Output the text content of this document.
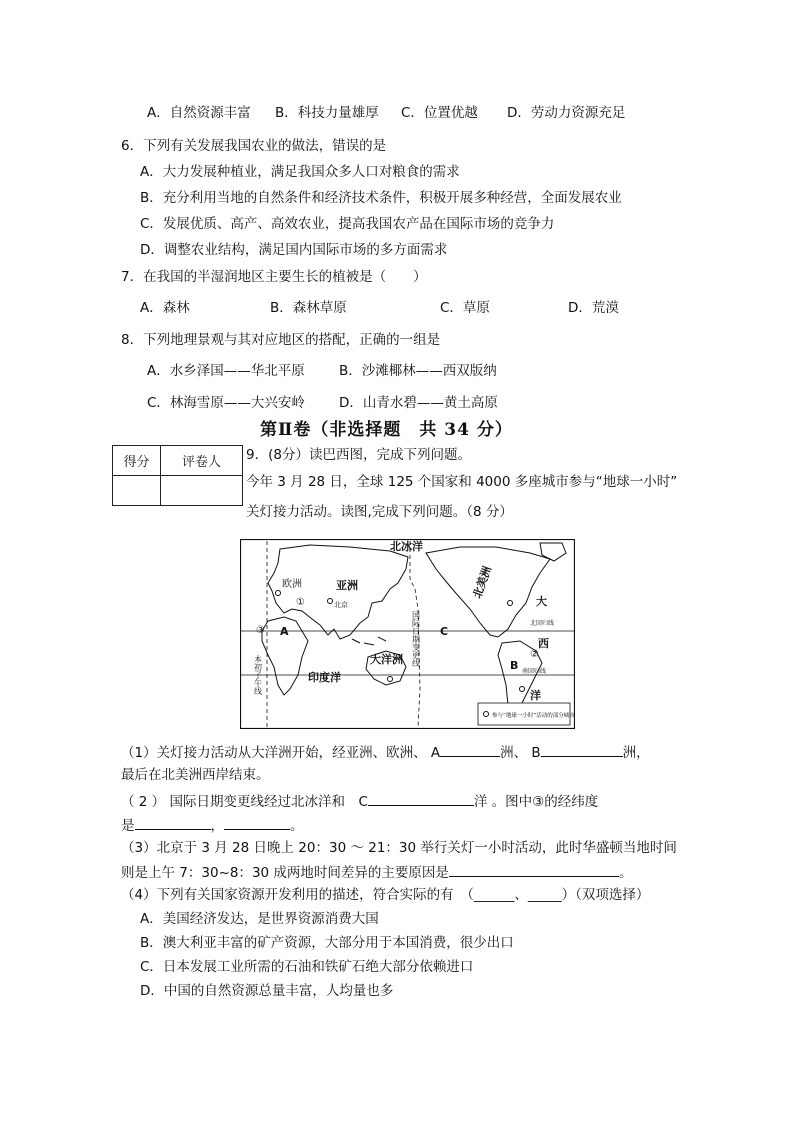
A．自然资源丰富 B．科技力量雄厚 C．位置优越 D．劳动力资源充足
6．下列有关发展我国农业的做法，错误的是
A．大力发展种植业，满足我国众多人口对粮食的需求
B．充分利用当地的自然条件和经济技术条件，积极开展多种经营，全面发展农业
C．发展优质、高产、高效农业，提高我国农产品在国际市场的竞争力
D．调整农业结构，满足国内国际市场的多方面需求
7．在我国的半湿润地区主要生长的植被是（　　）
A．森林	B．森林草原	C．草原	D．荒漠
8．下列地理景观与其对应地区的搭配，正确的一组是
A．水乡泽国——华北平原	B．沙滩椰林——西双版纳
C．林海雪原——大兴安岭	D．山青水碧——黄土高原
第Ⅱ卷（非选择题　共 34 分）
得分	评卷人
	9．(8分）读巴西图，完成下列问题。
今年 3 月 28 日，全球 125 个国家和 4000 多座城市参与“地球一小时”
关灯接力活动。读图,完成下列问题。（8 分）
北冰洋
亚洲
欧洲
北京
①
③ A	C
B
②
大洋洲
印度洋
大
西
洋
北回归线
南回归线
北美洲
本初子午线
国际日期变更线
参与“地球一小时”活动的部分城市
（1）关灯接力活动从大洋洲开始，经亚洲、欧洲、 A	洲、 B	洲，
最后在北美洲西岸结束。
（ 2 ） 国际日期变更线经过北冰洋和　C	洋 。图中③的经纬度
是	，	。
（3）北京于 3 月 28 日晚上 20：30 ～ 21：30 举行关灯一小时活动，此时华盛顿当地时间
则是上午 7：30~8：30 成两地时间差异的主要原因是	。
（4）下列有关国家资源开发利用的描述，符合实际的有　（______、_____）（双项选择）
A．美国经济发达，是世界资源消费大国
B．澳大利亚丰富的矿产资源，大部分用于本国消费，很少出口
C．日本发展工业所需的石油和铁矿石绝大部分依赖进口
D．中国的自然资源总量丰富，人均量也多
